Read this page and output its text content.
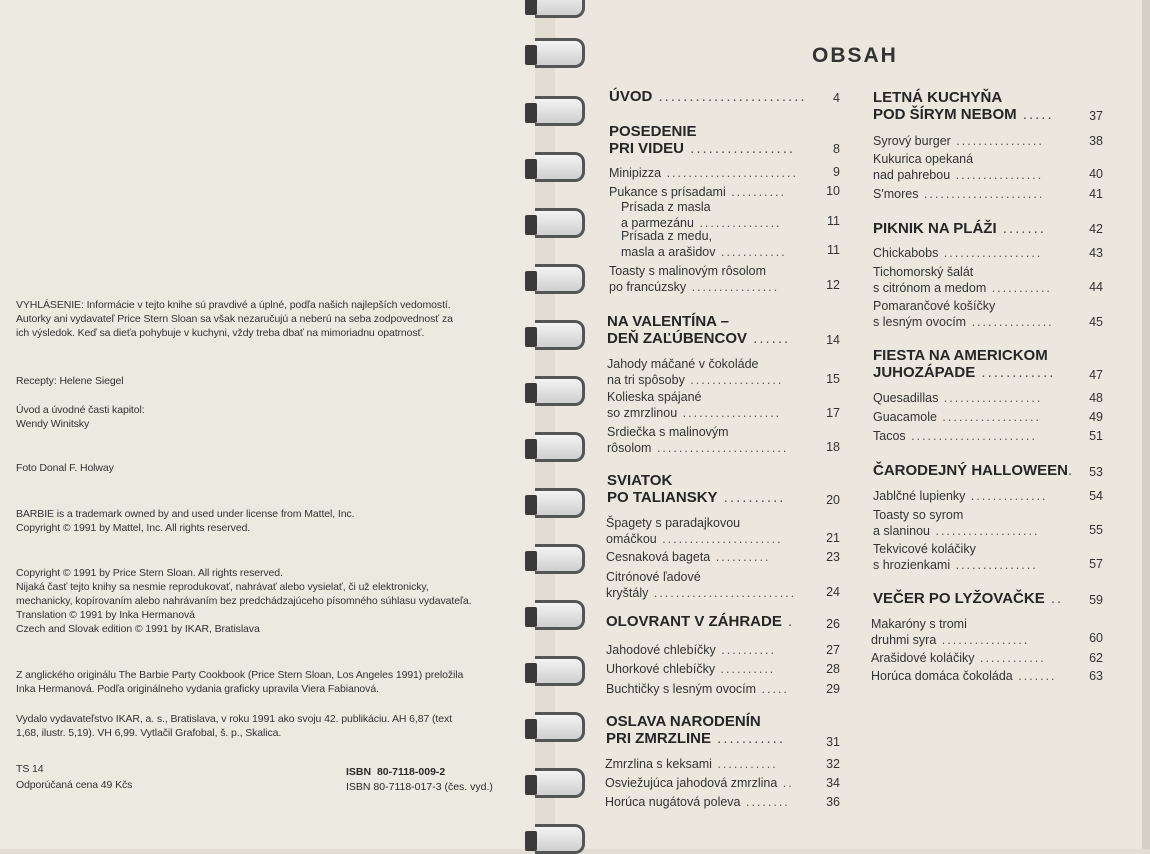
VYHLÁSENIE: Informácie v tejto knihe sú pravdivé a úplné, podľa našich najlepších vedomostí.
Autorky ani vydavateľ Price Stern Sloan sa však nezaručujú a neberú na seba zodpovednosť za
ich výsledok. Keď sa dieťa pohybuje v kuchyni, vždy treba dbať na mimoriadnu opatrnosť.
Recepty: Helene Siegel
Úvod a úvodné časti kapitol:
Wendy Winitsky
Foto Donal F. Holway
BARBIE is a trademark owned by and used under license from Mattel, Inc.
Copyright © 1991 by Mattel, Inc. All rights reserved.
Copyright © 1991 by Price Stern Sloan. All rights reserved.
Nijaká časť tejto knihy sa nesmie reprodukovať, nahrávať alebo vysielať, či už elektronicky,
mechanicky, kopírovaním alebo nahrávaním bez predchádzajúceho písomného súhlasu vydavateľa.
Translation © 1991 by Inka Hermanová
Czech and Slovak edition © 1991 by IKAR, Bratislava
Z anglického originálu The Barbie Party Cookbook (Price Stern Sloan, Los Angeles 1991) preložila
Inka Hermanová. Podľa originálneho vydania graficky upravila Viera Fabianová.
Vydalo vydavateľstvo IKAR, a. s., Bratislava, v roku 1991 ako svoju 42. publikáciu. AH 6,87 (text
1,68, ilustr. 5,19). VH 6,99. Vytlačil Grafobal, š. p., Skalica.
TS 14
Odporúčaná cena 49 Kčs
ISBN 80-7118-009-2
ISBN 80-7118-017-3 (čes. vyd.)
OBSAH
ÚVOD ........................	4
POSEDENIE
PRI VIDEU .................	8
Minipizza ........................	9
Pukance s prísadami ..........	10
Prísada z masla
a parmezánu ...............	11
Prísada z medu,
masla a arašidov ............	11
Toasty s malinovým rôsolom
po francúzsky ................	12
NA VALENTÍNA –
DEŇ ZAĽÚBENCOV ......	14
Jahody máčané v čokoláde
na tri spôsoby .................	15
Kolieska spájané
so zmrzlinou ..................	17
Srdiečka s malinovým
rôsolom ........................	18
SVIATOK
PO TALIANSKY ..........	20
Špagety s paradajkovou
omáčkou ......................	21
Cesnaková bageta ..........	23
Citrónové ľadové
kryštály ..........................	24
OLOVRANT V ZÁHRADE .	26
Jahodové chlebíčky ..........	27
Uhorkové chlebíčky ..........	28
Buchtičky s lesným ovocím .....	29
OSLAVA NARODENÍN
PRI ZMRZLINE ...........	31
Zmrzlina s keksami ...........	32
Osviežujúca jahodová zmrzlina ..	34
Horúca nugátová poleva ........	36
LETNÁ KUCHYŇA
POD ŠÍRYM NEBOM .....	37
Syrový burger ................	38
Kukurica opekaná
nad pahrebou ................	40
S'mores ......................	41
PIKNIK NA PLÁŽI .......	42
Chickabobs ..................	43
Tichomorský šalát
s citrónom a medom ...........	44
Pomarančové košíčky
s lesným ovocím ...............	45
FIESTA NA AMERICKOM
JUHOZÁPADE ............	47
Quesadillas ..................	48
Guacamole ..................	49
Tacos .......................	51
ČARODEJNÝ HALLOWEEN.	53
Jablčné lupienky ..............	54
Toasty so syrom
a slaninou ...................	55
Tekvicové koláčiky
s hrozienkami ...............	57
VEČER PO LYŽOVAČKE ..	59
Makaróny s tromi
druhmi syra ................	60
Arašidové koláčiky ............	62
Horúca domáca čokoláda .......	63
